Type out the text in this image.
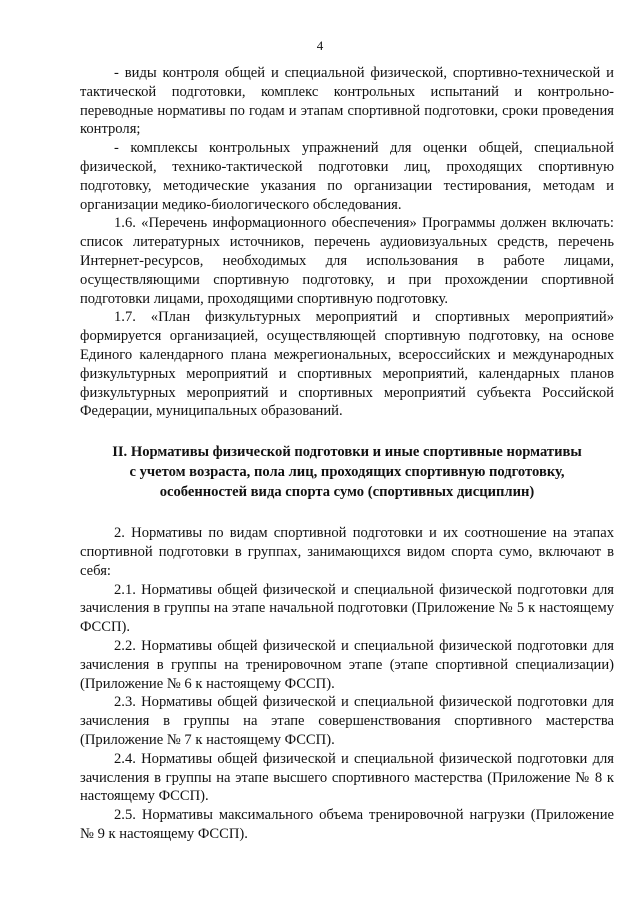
4

- виды контроля общей и специальной физической, спортивно-технической и тактической подготовки, комплекс контрольных испытаний и контрольно-переводные нормативы по годам и этапам спортивной подготовки, сроки проведения контроля;

- комплексы контрольных упражнений для оценки общей, специальной физической, технико-тактической подготовки лиц, проходящих спортивную подготовку, методические указания по организации тестирования, методам и организации медико-биологического обследования.

1.6. «Перечень информационного обеспечения» Программы должен включать: список литературных источников, перечень аудиовизуальных средств, перечень Интернет-ресурсов, необходимых для использования в работе лицами, осуществляющими спортивную подготовку, и при прохождении спортивной подготовки лицами, проходящими спортивную подготовку.

1.7. «План физкультурных мероприятий и спортивных мероприятий» формируется организацией, осуществляющей спортивную подготовку, на основе Единого календарного плана межрегиональных, всероссийских и международных физкультурных мероприятий и спортивных мероприятий, календарных планов физкультурных мероприятий и спортивных мероприятий субъекта Российской Федерации, муниципальных образований.

II. Нормативы физической подготовки и иные спортивные нормативы
с учетом возраста, пола лиц, проходящих спортивную подготовку,
особенностей вида спорта сумо (спортивных дисциплин)

2. Нормативы по видам спортивной подготовки и их соотношение на этапах спортивной подготовки в группах, занимающихся видом спорта сумо, включают в себя:

2.1. Нормативы общей физической и специальной физической подготовки для зачисления в группы на этапе начальной подготовки (Приложение № 5 к настоящему ФССП).

2.2. Нормативы общей физической и специальной физической подготовки для зачисления в группы на тренировочном этапе (этапе спортивной специализации) (Приложение № 6 к настоящему ФССП).

2.3. Нормативы общей физической и специальной физической подготовки для зачисления в группы на этапе совершенствования спортивного мастерства (Приложение № 7 к настоящему ФССП).

2.4. Нормативы общей физической и специальной физической подготовки для зачисления в группы на этапе высшего спортивного мастерства (Приложение № 8 к настоящему ФССП).

2.5. Нормативы максимального объема тренировочной нагрузки (Приложение № 9 к настоящему ФССП).
